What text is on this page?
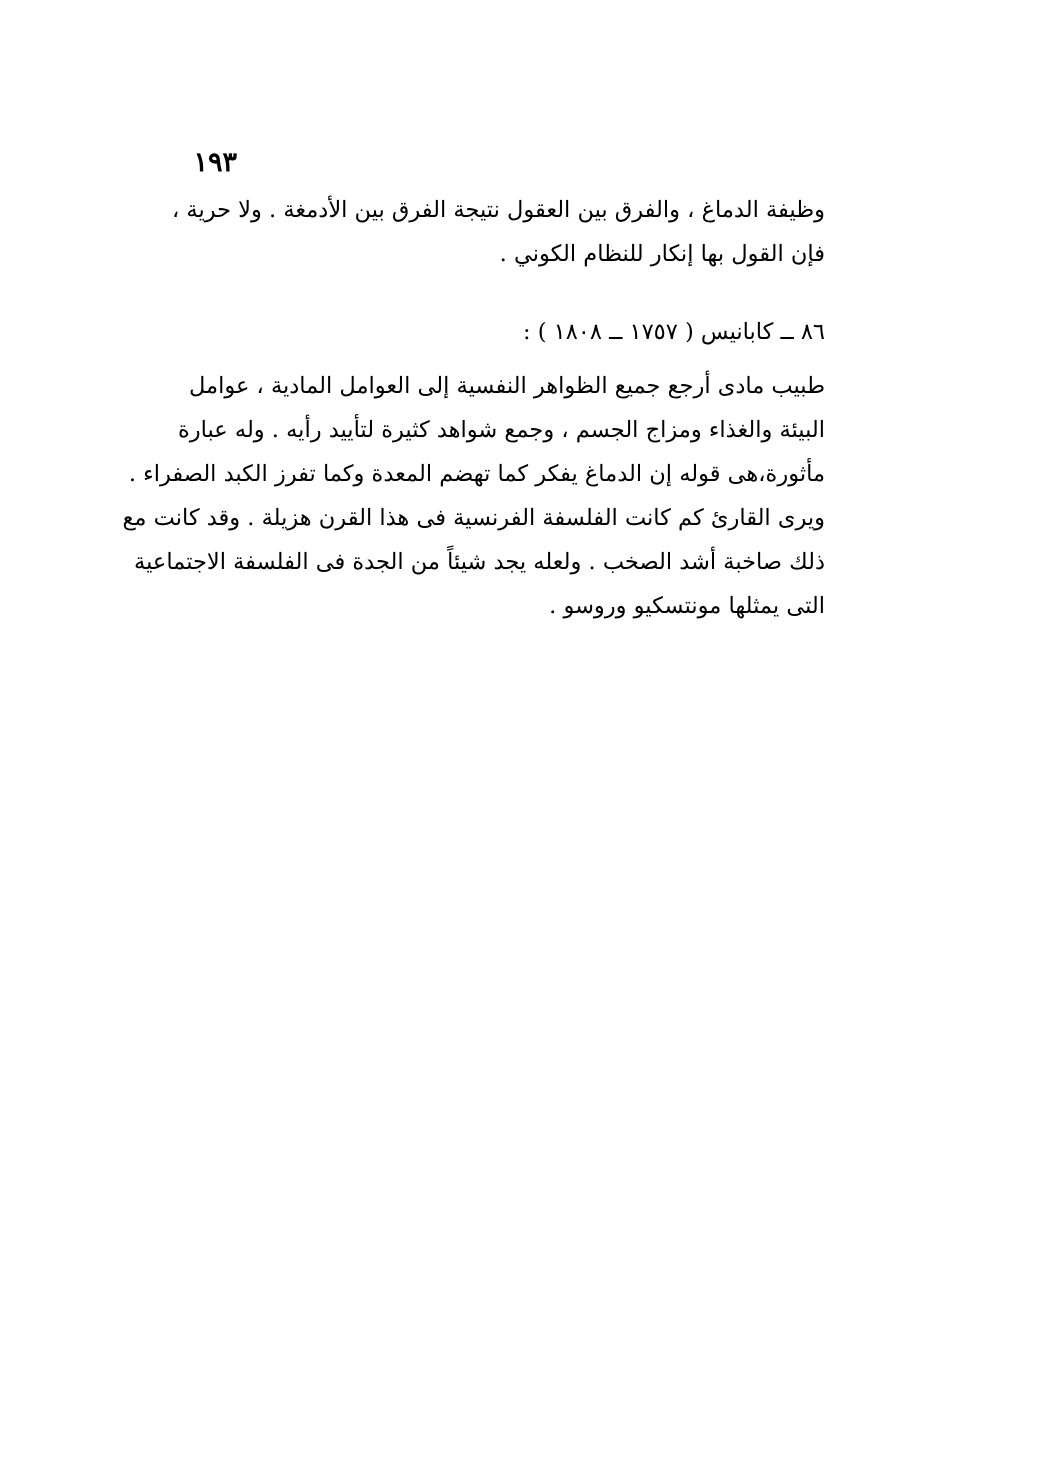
١٩٣
وظيفة الدماغ ، والفرق بين العقول نتيجة الفرق بين الأدمغة . ولا حرية ،
فإن القول بها إنكار للنظام الكوني .
٨٦ ــ كابانيس ( ١٧٥٧ ــ ١٨٠٨ ) :
طبيب مادى أرجع جميع الظواهر النفسية إلى العوامل المادية ، عوامل
البيئة والغذاء ومزاج الجسم ، وجمع شواهد كثيرة لتأييد رأيه . وله عبارة
مأثورة،هى قوله إن الدماغ يفكر كما تهضم المعدة وكما تفرز الكبد الصفراء .
ويرى القارئ كم كانت الفلسفة الفرنسية فى هذا القرن هزيلة . وقد كانت مع
ذلك صاخبة أشد الصخب . ولعله يجد شيئاً من الجدة فى الفلسفة الاجتماعية
التى يمثلها مونتسكيو وروسو .
